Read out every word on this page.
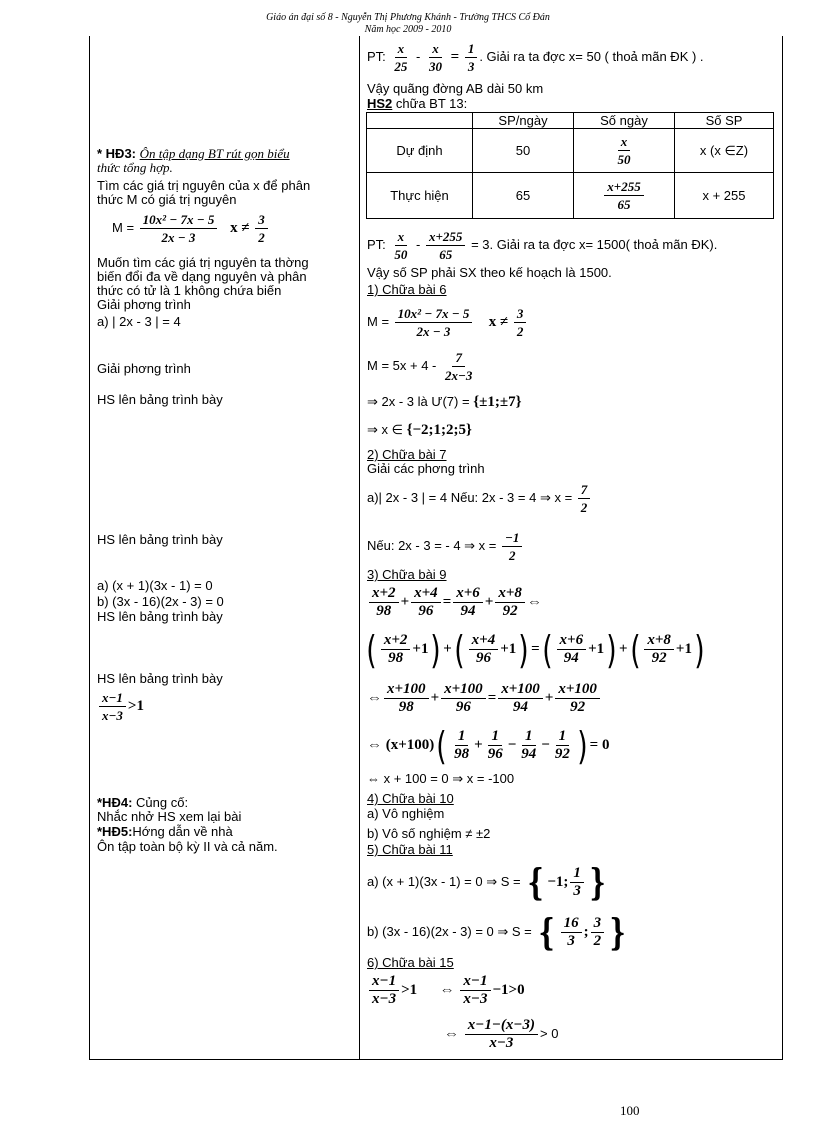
Giáo án đại số 8 - Nguyễn Thị Phương Khánh - Trường THCS Cổ Đán
Năm học 2009 - 2010
* HĐ3: Ôn tập dạng BT rút gọn biểu
thức tổng hợp.
Tìm các giá trị nguyên của x để phân
thức M có giá trị nguyên
$M = \frac{\text{10x² − 7x − 5}}{2x - 3}$ $x \ne \frac{3}{2}$
Muốn tìm các giá trị nguyên ta thờng
biến đổi đa về dạng nguyên và phân
thức có tử là 1 không chứa biến
Giải phơng trình
a) | 2x - 3 | = 4
Giải phơng trình
HS lên bảng trình bày
HS lên bảng trình bày
a) (x + 1)(3x - 1) = 0
b) (3x - 16)(2x - 3) = 0
HS lên bảng trình bày
HS lên bảng trình bày
$\frac{x-1}{x-3} >1$
*HĐ4: Củng cố:
Nhắc nhở HS xem lại bài
*HĐ5:Hớng dẫn về nhà
Ôn tập toàn bộ kỳ II và cả năm.
PT: $\frac{x}{25} - \frac{x}{30} = \frac{1}{3}$ . Giải ra ta đợc x= 50 ( thoả mãn ĐK ) .
Vậy quãng đờng AB dài 50 km
HS2 chữa BT 13:
	SP/ngày	Số ngày	Số SP
Dự định	50	$\frac{x}{50}$	x (x ∈Z)
Thực hiện	65	$\frac{x+255}{65}$	x + 255
PT: $\frac{x}{50} - \frac{x+255}{65} = 3$. Giải ra ta đợc x= 1500( thoả mãn ĐK).
Vậy số SP phải SX theo kế hoạch là 1500.
1) Chữa bài 6
$M = \frac{\text{10x² − 7x − 5}}{2x - 3}$ $x \ne \frac{3}{2}$
$M = 5x + 4 - \frac{7}{2x-3}$
⇒ 2x - 3 là Ư(7) = {±1;±7}
⇒ x ∈ {−2;1;2;5}
2) Chữa bài 7
Giải các phơng trình
a)| 2x - 3 | = 4 Nếu: 2x - 3 = 4 ⇒ $x = \frac{7}{2}$
Nếu: 2x - 3 = - 4 ⇒ $x = \frac{-1}{2}$
3) Chữa bài 9
$\frac{x+2}{98} + \frac{x+4}{96} = \frac{x+6}{94} + \frac{x+8}{92}$ ⇔
( $\frac{x+2}{98} +1$) +( $\frac{x+4}{96} +1$) =( $\frac{x+6}{94} +1$) +( $\frac{x+8}{92} +1$)
⇔ $\frac{x+100}{98} + \frac{x+100}{96} = \frac{x+100}{94} + \frac{x+100}{92}$
⇔ $(x+100)( \frac{1}{98} + \frac{1}{96} - \frac{1}{94} - \frac{1}{92}$ ) = 0
⇔ x + 100 = 0 ⇒ x = -100
4) Chữa bài 10
a) Vô nghiệm
b) Vô số nghiệm ≠ ±2
5) Chữa bài 11
a) (x + 1)(3x - 1) = 0 ⇒ S = { −1; $\frac{1}{3}$ }
b) (3x - 16)(2x - 3) = 0 ⇒ S = { $\frac{16}{3}$ ; $\frac{3}{2}$ }
6) Chữa bài 15
$\frac{x-1}{x-3} >1$ ⇔ $\frac{x-1}{x-3} -1>0$
⇔ $\frac{x-1-(x-3)}{x-3} > 0$
100
